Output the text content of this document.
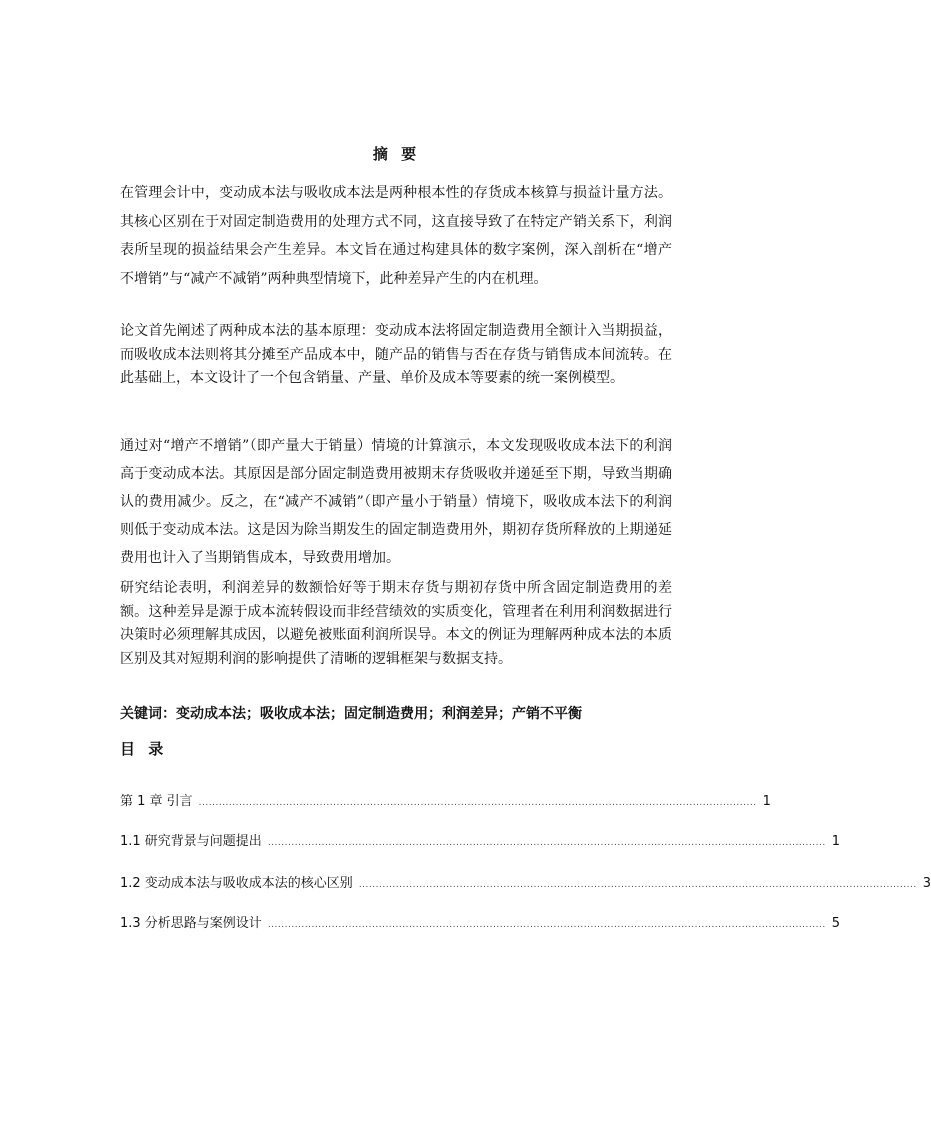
摘 要

在管理会计中，变动成本法与吸收成本法是两种根本性的存货成本核算与损益计量方法。其核心区别在于对固定制造费用的处理方式不同，这直接导致了在特定产销关系下，利润表所呈现的损益结果会产生差异。本文旨在通过构建具体的数字案例，深入剖析在“增产不增销”与“减产不减销”两种典型情境下，此种差异产生的内在机理。

论文首先阐述了两种成本法的基本原理：变动成本法将固定制造费用全额计入当期损益，而吸收成本法则将其分摊至产品成本中，随产品的销售与否在存货与销售成本间流转。在此基础上，本文设计了一个包含销量、产量、单价及成本等要素的统一案例模型。

通过对“增产不增销”（即产量大于销量）情境的计算演示，本文发现吸收成本法下的利润高于变动成本法。其原因是部分固定制造费用被期末存货吸收并递延至下期，导致当期确认的费用减少。反之，在“减产不减销”（即产量小于销量）情境下，吸收成本法下的利润则低于变动成本法。这是因为除当期发生的固定制造费用外，期初存货所释放的上期递延费用也计入了当期销售成本，导致费用增加。

研究结论表明，利润差异的数额恰好等于期末存货与期初存货中所含固定制造费用的差额。这种差异是源于成本流转假设而非经营绩效的实质变化，管理者在利用利润数据进行决策时必须理解其成因，以避免被账面利润所误导。本文的例证为理解两种成本法的本质区别及其对短期利润的影响提供了清晰的逻辑框架与数据支持。

关键词：变动成本法；吸收成本法；固定制造费用；利润差异；产销不平衡

目 录

第 1 章 引言 ...................................................................................................................................................................... 1
1.1 研究背景与问题提出 ...................................................................................................................................................................... 1
1.2 变动成本法与吸收成本法的核心区别 ...................................................................................................................................................................... 3
1.3 分析思路与案例设计 ...................................................................................................................................................................... 5
